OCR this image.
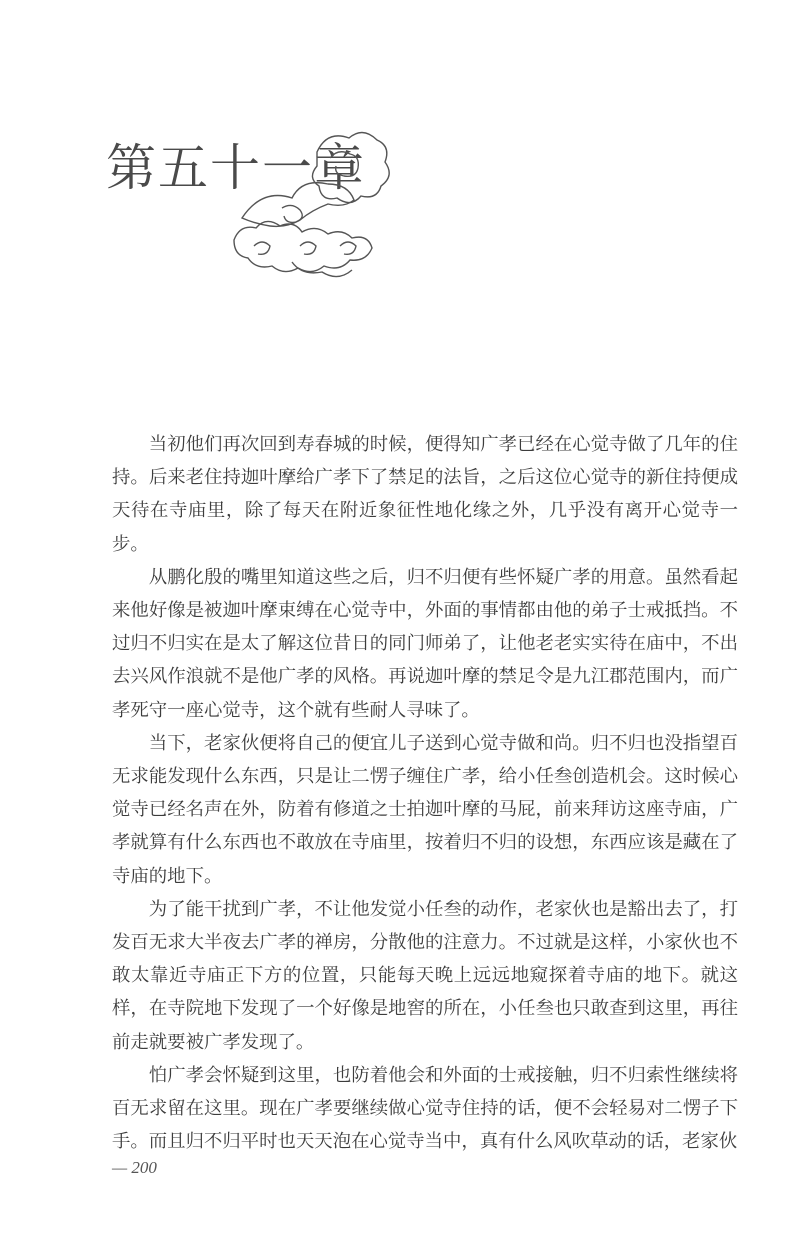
第五十一章

当初他们再次回到寿春城的时候，便得知广孝已经在心觉寺做了几年的住持。后来老住持迦叶摩给广孝下了禁足的法旨，之后这位心觉寺的新住持便成天待在寺庙里，除了每天在附近象征性地化缘之外，几乎没有离开心觉寺一步。

从鹏化殷的嘴里知道这些之后，归不归便有些怀疑广孝的用意。虽然看起来他好像是被迦叶摩束缚在心觉寺中，外面的事情都由他的弟子士戒抵挡。不过归不归实在是太了解这位昔日的同门师弟了，让他老老实实待在庙中，不出去兴风作浪就不是他广孝的风格。再说迦叶摩的禁足令是九江郡范围内，而广孝死守一座心觉寺，这个就有些耐人寻味了。

当下，老家伙便将自己的便宜儿子送到心觉寺做和尚。归不归也没指望百无求能发现什么东西，只是让二愣子缠住广孝，给小任叁创造机会。这时候心觉寺已经名声在外，防着有修道之士拍迦叶摩的马屁，前来拜访这座寺庙，广孝就算有什么东西也不敢放在寺庙里，按着归不归的设想，东西应该是藏在了寺庙的地下。

为了能干扰到广孝，不让他发觉小任叁的动作，老家伙也是豁出去了，打发百无求大半夜去广孝的禅房，分散他的注意力。不过就是这样，小家伙也不敢太靠近寺庙正下方的位置，只能每天晚上远远地窥探着寺庙的地下。就这样，在寺院地下发现了一个好像是地窖的所在，小任叁也只敢查到这里，再往前走就要被广孝发现了。

怕广孝会怀疑到这里，也防着他会和外面的士戒接触，归不归索性继续将百无求留在这里。现在广孝要继续做心觉寺住持的话，便不会轻易对二愣子下手。而且归不归平时也天天泡在心觉寺当中，真有什么风吹草动的话，老家伙

— 200
